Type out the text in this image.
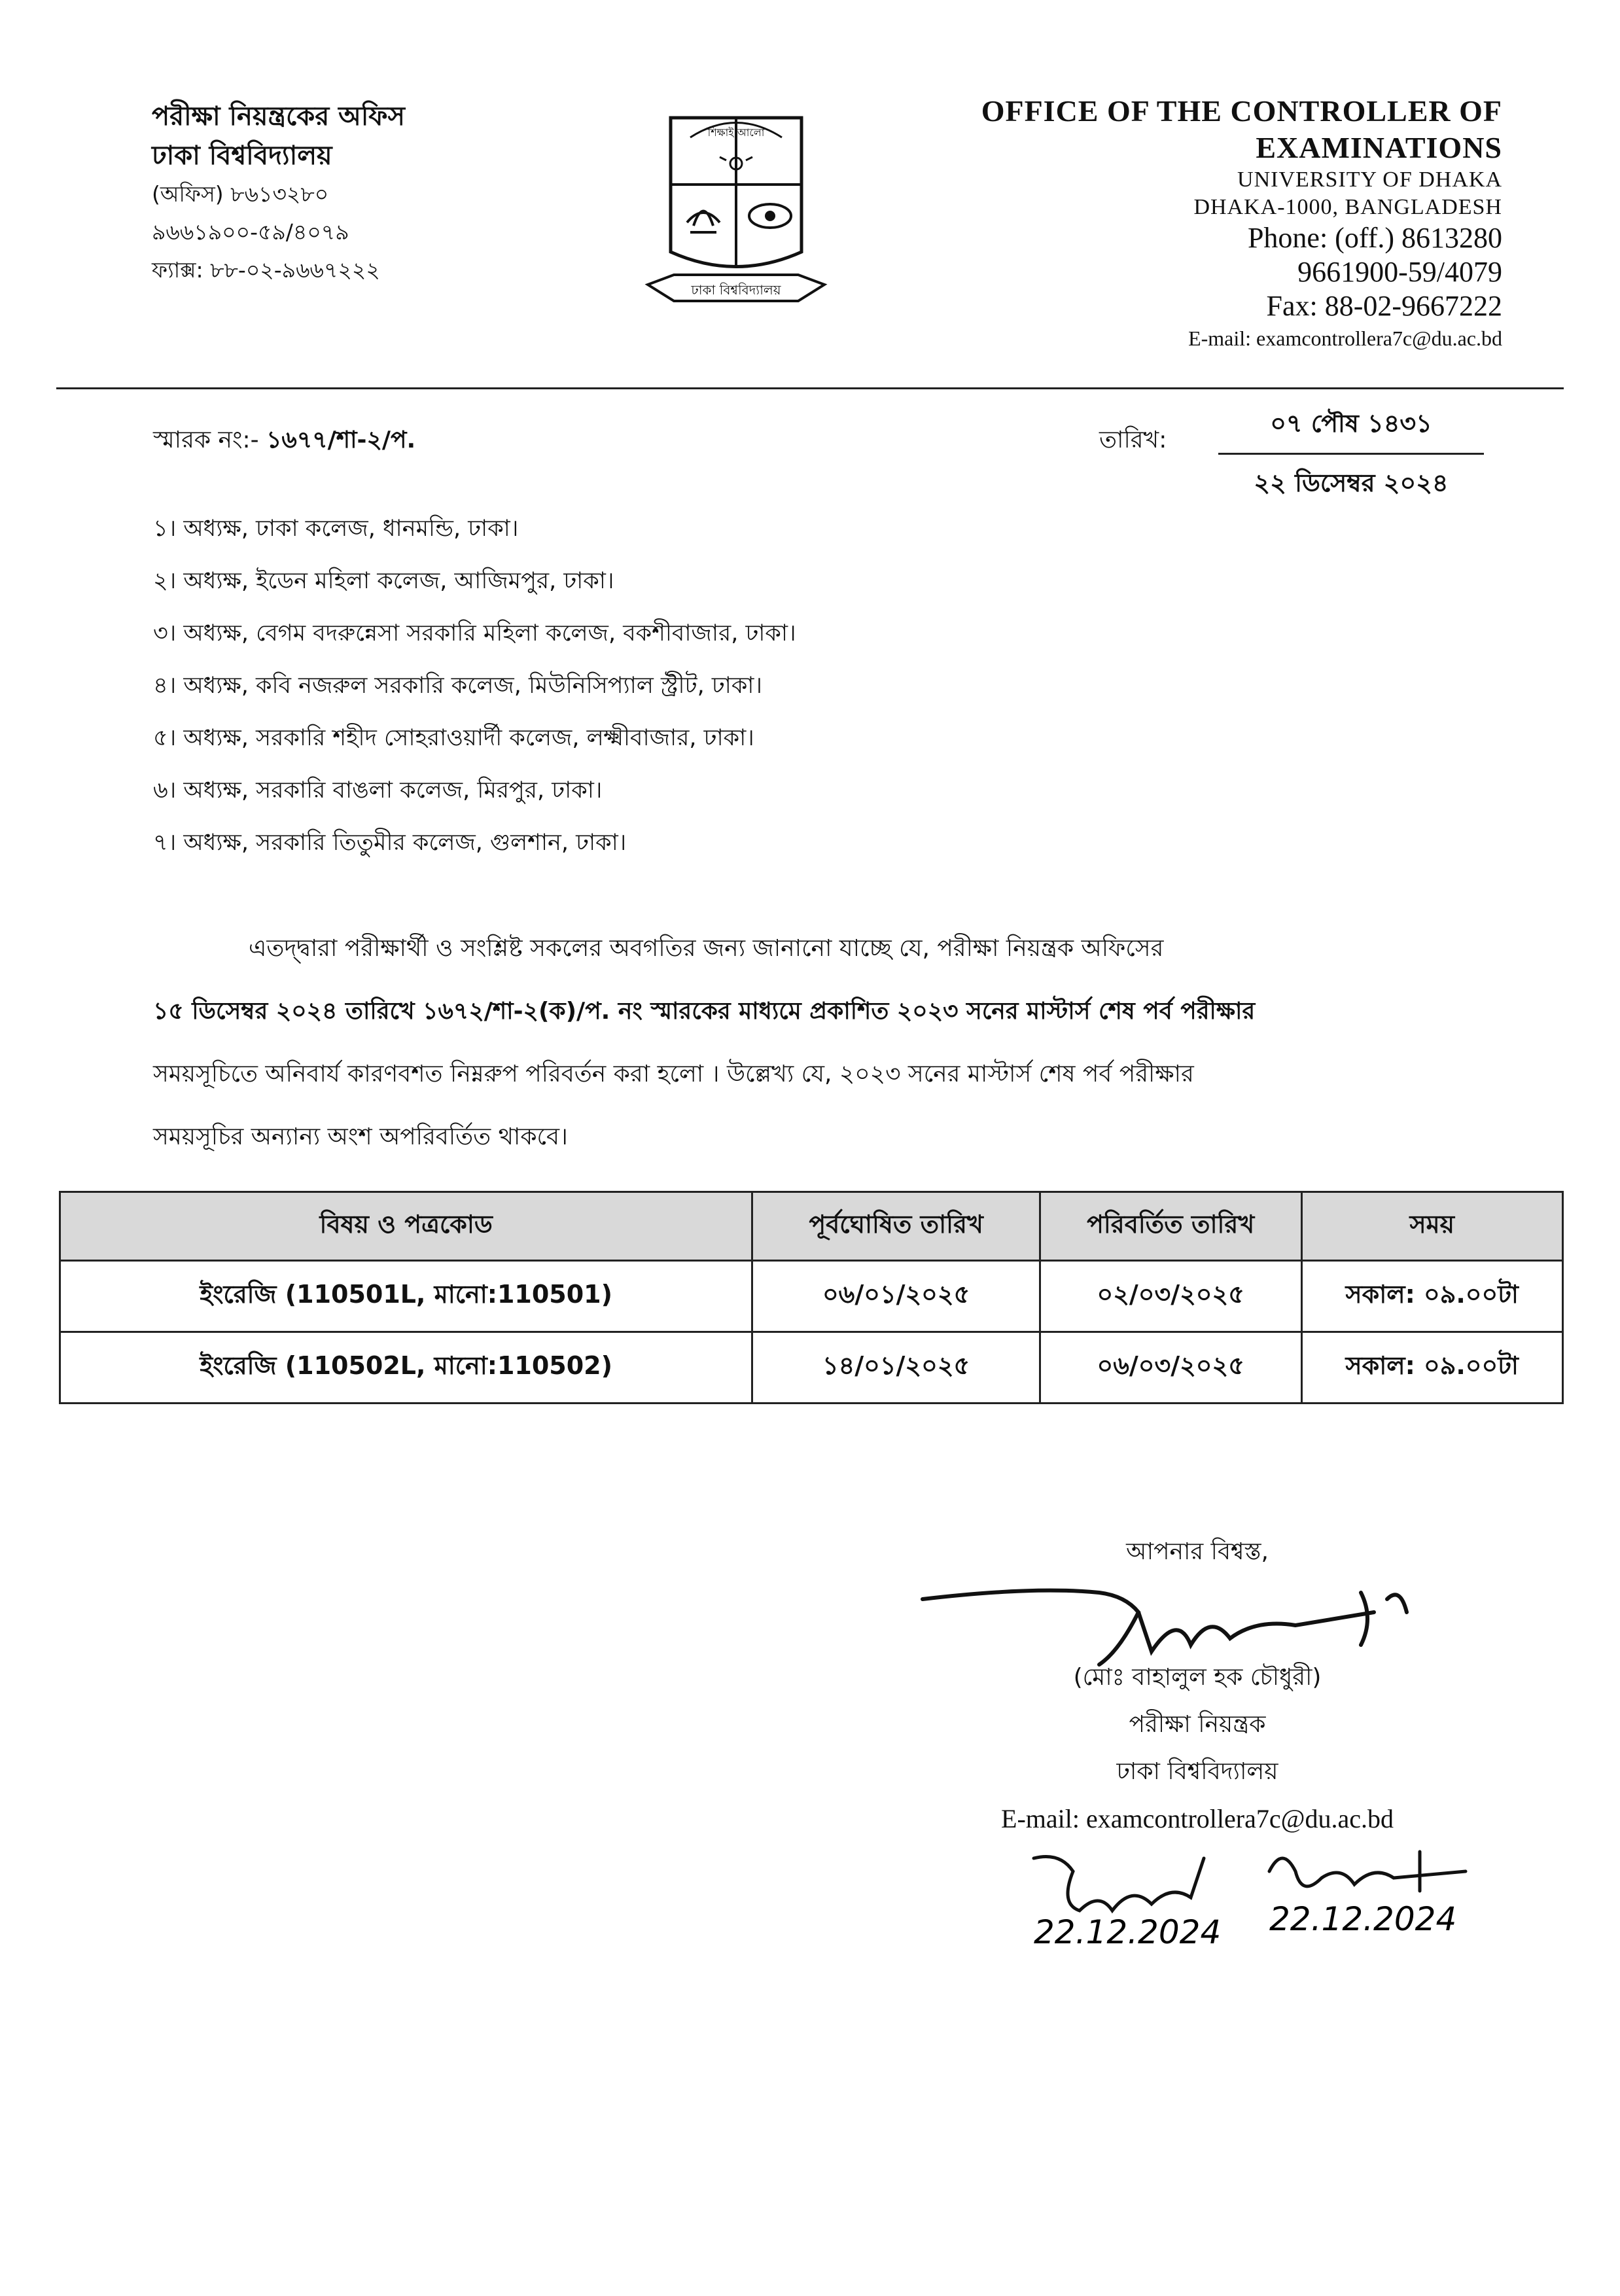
পরীক্ষা নিয়ন্ত্রকের অফিস
ঢাকা বিশ্ববিদ্যালয়
(অফিস) ৮৬১৩২৮০
৯৬৬১৯০০-৫৯/৪০৭৯
ফ্যাক্স: ৮৮-০২-৯৬৬৭২২২
ঢাকা বিশ্ববিদ্যালয়
শিক্ষাই আলো
OFFICE OF THE CONTROLLER OF
EXAMINATIONS
UNIVERSITY OF DHAKA
DHAKA-1000, BANGLADESH
Phone: (off.) 8613280
9661900-59/4079
Fax: 88-02-9667222
E-mail: examcontrollera7c@du.ac.bd
স্মারক নং:- ১৬৭৭/শা-২/প.	তারিখ:
০৭ পৌষ ১৪৩১
২২ ডিসেম্বর ২০২৪
১। অধ্যক্ষ, ঢাকা কলেজ, ধানমন্ডি, ঢাকা।
২। অধ্যক্ষ, ইডেন মহিলা কলেজ, আজিমপুর, ঢাকা।
৩। অধ্যক্ষ, বেগম বদরুন্নেসা সরকারি মহিলা কলেজ, বকশীবাজার, ঢাকা।
৪। অধ্যক্ষ, কবি নজরুল সরকারি কলেজ, মিউনিসিপ্যাল স্ট্রীট, ঢাকা।
৫। অধ্যক্ষ, সরকারি শহীদ সোহরাওয়ার্দী কলেজ, লক্ষ্মীবাজার, ঢাকা।
৬। অধ্যক্ষ, সরকারি বাঙলা কলেজ, মিরপুর, ঢাকা।
৭। অধ্যক্ষ, সরকারি তিতুমীর কলেজ, গুলশান, ঢাকা।
এতদ্দ্বারা পরীক্ষার্থী ও সংশ্লিষ্ট সকলের অবগতির জন্য জানানো যাচ্ছে যে, পরীক্ষা নিয়ন্ত্রক অফিসের
১৫ ডিসেম্বর ২০২৪ তারিখে ১৬৭২/শা-২(ক)/প. নং স্মারকের মাধ্যমে প্রকাশিত ২০২৩ সনের মাস্টার্স শেষ পর্ব পরীক্ষার
সময়সূচিতে অনিবার্য কারণবশত নিম্নরুপ পরিবর্তন করা হলো । উল্লেখ্য যে, ২০২৩ সনের মাস্টার্স শেষ পর্ব পরীক্ষার
সময়সূচির অন্যান্য অংশ অপরিবর্তিত থাকবে।
বিষয় ও পত্রকোড	পূর্বঘোষিত তারিখ	পরিবর্তিত তারিখ	সময়
ইংরেজি (110501L, মানো:110501)	০৬/০১/২০২৫	০২/০৩/২০২৫	সকাল: ০৯.০০টা
ইংরেজি (110502L, মানো:110502)	১৪/০১/২০২৫	০৬/০৩/২০২৫	সকাল: ০৯.০০টা
আপনার বিশ্বস্ত,
(মোঃ বাহালুল হক চৌধুরী)
পরীক্ষা নিয়ন্ত্রক
ঢাকা বিশ্ববিদ্যালয়
E-mail: examcontrollera7c@du.ac.bd
22.12.2024 22.12.2024
